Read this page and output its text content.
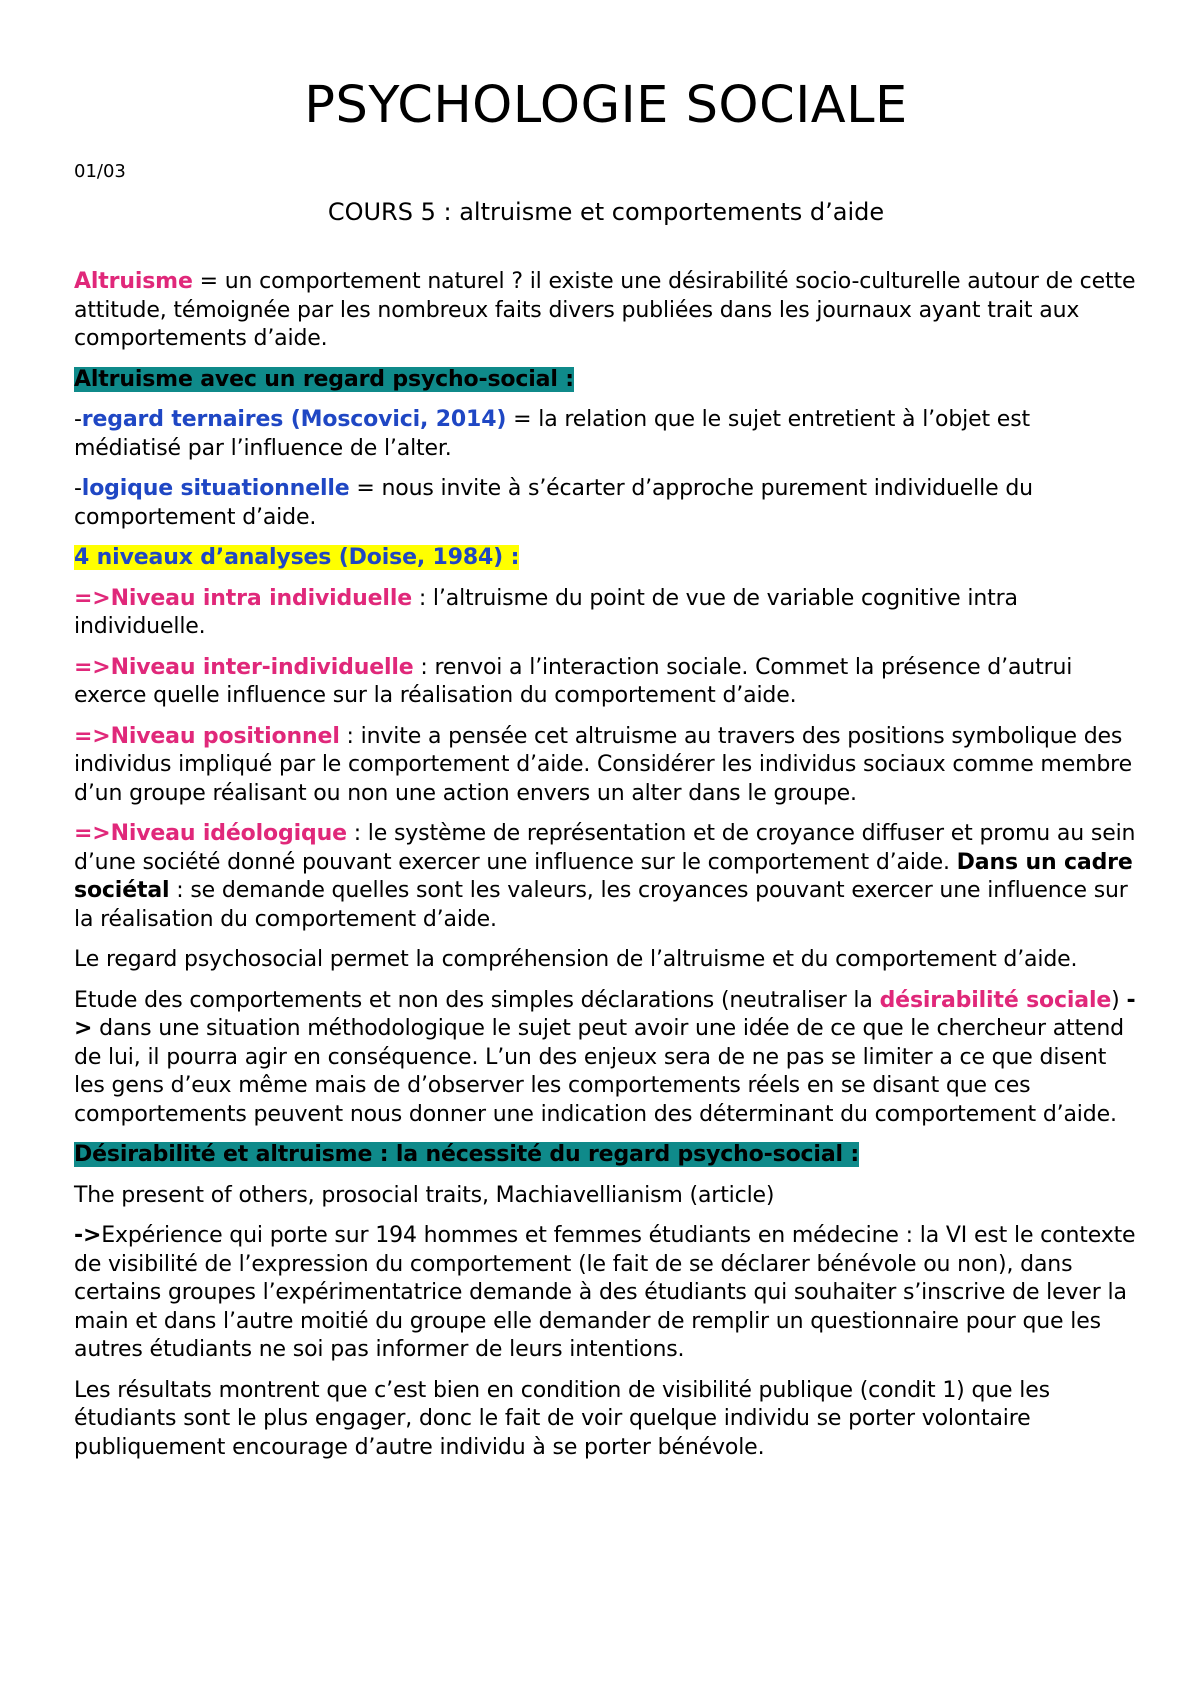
PSYCHOLOGIE SOCIALE
01/03
COURS 5 : altruisme et comportements d’aide

Altruisme = un comportement naturel ? il existe une désirabilité socio-culturelle autour de cette attitude, témoignée par les nombreux faits divers publiées dans les journaux ayant trait aux comportements d’aide.

Altruisme avec un regard psycho-social :

-regard ternaires (Moscovici, 2014) = la relation que le sujet entretient à l’objet est médiatisé par l’influence de l’alter.

-logique situationnelle = nous invite à s’écarter d’approche purement individuelle du comportement d’aide.

4 niveaux d’analyses (Doise, 1984) :

=>Niveau intra individuelle : l’altruisme du point de vue de variable cognitive intra individuelle.

=>Niveau inter-individuelle : renvoi a l’interaction sociale. Commet la présence d’autrui exerce quelle influence sur la réalisation du comportement d’aide.

=>Niveau positionnel : invite a pensée cet altruisme au travers des positions symbolique des individus impliqué par le comportement d’aide. Considérer les individus sociaux comme membre d’un groupe réalisant ou non une action envers un alter dans le groupe.

=>Niveau idéologique : le système de représentation et de croyance diffuser et promu au sein d’une société donné pouvant exercer une influence sur le comportement d’aide. Dans un cadre sociétal : se demande quelles sont les valeurs, les croyances pouvant exercer une influence sur la réalisation du comportement d’aide.

Le regard psychosocial permet la compréhension de l’altruisme et du comportement d’aide.

Etude des comportements et non des simples déclarations (neutraliser la désirabilité sociale) -> dans une situation méthodologique le sujet peut avoir une idée de ce que le chercheur attend de lui, il pourra agir en conséquence. L’un des enjeux sera de ne pas se limiter a ce que disent les gens d’eux même mais de d’observer les comportements réels en se disant que ces comportements peuvent nous donner une indication des déterminant du comportement d’aide.

Désirabilité et altruisme : la nécessité du regard psycho-social :

The present of others, prosocial traits, Machiavellianism (article)

->Expérience qui porte sur 194 hommes et femmes étudiants en médecine : la VI est le contexte de visibilité de l’expression du comportement (le fait de se déclarer bénévole ou non), dans certains groupes l’expérimentatrice demande à des étudiants qui souhaiter s’inscrive de lever la main et dans l’autre moitié du groupe elle demander de remplir un questionnaire pour que les autres étudiants ne soi pas informer de leurs intentions.

Les résultats montrent que c’est bien en condition de visibilité publique (condit 1) que les étudiants sont le plus engager, donc le fait de voir quelque individu se porter volontaire publiquement encourage d’autre individu à se porter bénévole.
